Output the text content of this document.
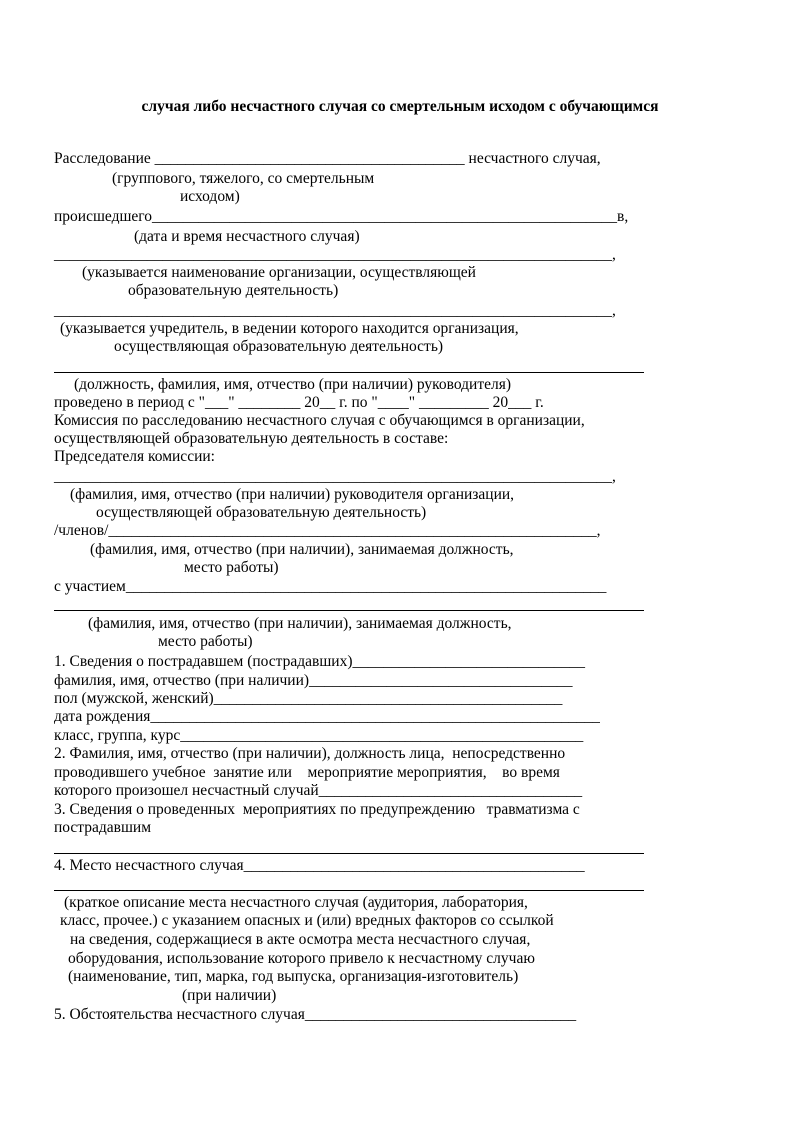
случая либо несчастного случая со смертельным исходом с обучающимся
Расследование ________________________________________ несчастного случая,
(группового, тяжелого, со смертельным
исходом)
происшедшего____________________________________________________________в,
(дата и время несчастного случая)
________________________________________________________________________,
(указывается наименование организации, осуществляющей
образовательную деятельность)
________________________________________________________________________,
(указывается учредитель, в ведении которого находится организация,
осуществляющая образовательную деятельность)
(должность, фамилия, имя, отчество (при наличии) руководителя)
проведено в период с "___" ________ 20__ г. по "____" _________ 20___ г.
Комиссия по расследованию несчастного случая с обучающимся в организации,
осуществляющей образовательную деятельность в составе:
Председателя комиссии:
________________________________________________________________________,
(фамилия, имя, отчество (при наличии) руководителя организации,
осуществляющей образовательную деятельность)
/членов/_______________________________________________________________,
(фамилия, имя, отчество (при наличии), занимаемая должность,
место работы)
с участием______________________________________________________________
(фамилия, имя, отчество (при наличии), занимаемая должность,
место работы)
1. Сведения о пострадавшем (пострадавших)______________________________
фамилия, имя, отчество (при наличии)__________________________________
пол (мужской, женский)_____________________________________________
дата рождения__________________________________________________________
класс, группа, курс____________________________________________________
2. Фамилия, имя, отчество (при наличии), должность лица,  непосредственно
проводившего учебное  занятие или    мероприятие мероприятия,    во время
которого произошел несчастный случай__________________________________
3. Сведения о проведенных  мероприятиях по предупреждению   травматизма с
пострадавшим
4. Место несчастного случая____________________________________________
(краткое описание места несчастного случая (аудитория, лаборатория,
класс, прочее.) с указанием опасных и (или) вредных факторов со ссылкой
на сведения, содержащиеся в акте осмотра места несчастного случая,
оборудования, использование которого привело к несчастному случаю
(наименование, тип, марка, год выпуска, организация-изготовитель)
(при наличии)
5. Обстоятельства несчастного случая___________________________________
